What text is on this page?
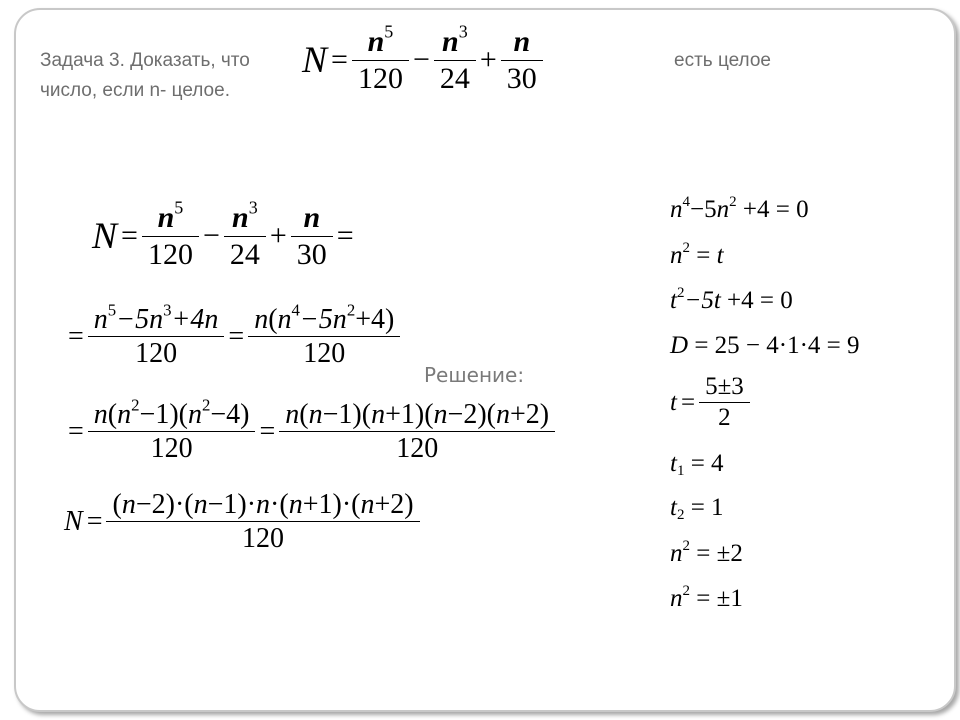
Задача 3. Доказать, что
число, если n- целое.
есть целое
$N = \frac{n^5}{120} - \frac{n^3}{24} + \frac{n}{30}$
$N = \frac{n^5}{120} - \frac{n^3}{24} + \frac{n}{30}$ =
= $\frac{n^5-5n^3+4n}{120} = \frac{n(n^4-5n^2+4)}{120}$
Решение:
= $\frac{n(n^2-1)(n^2-4)}{120} = \frac{n(n-1)(n+1)(n-2)(n+2)}{120}$
$N = \frac{(n-2)\cdot(n-1)\cdot n\cdot(n+1)\cdot(n+2)}{120}$
$n^4-5n^2 +4 = 0$
$n^2 = t$
$t^2-5t +4 = 0$
D = 25 − 4·1·4 = 9
$t = \frac{5\pm 3}{2}$
$t_1 = 4$
$t_2 = 1$
$n^2 = \pm 2$
$n^2 = \pm 1$
